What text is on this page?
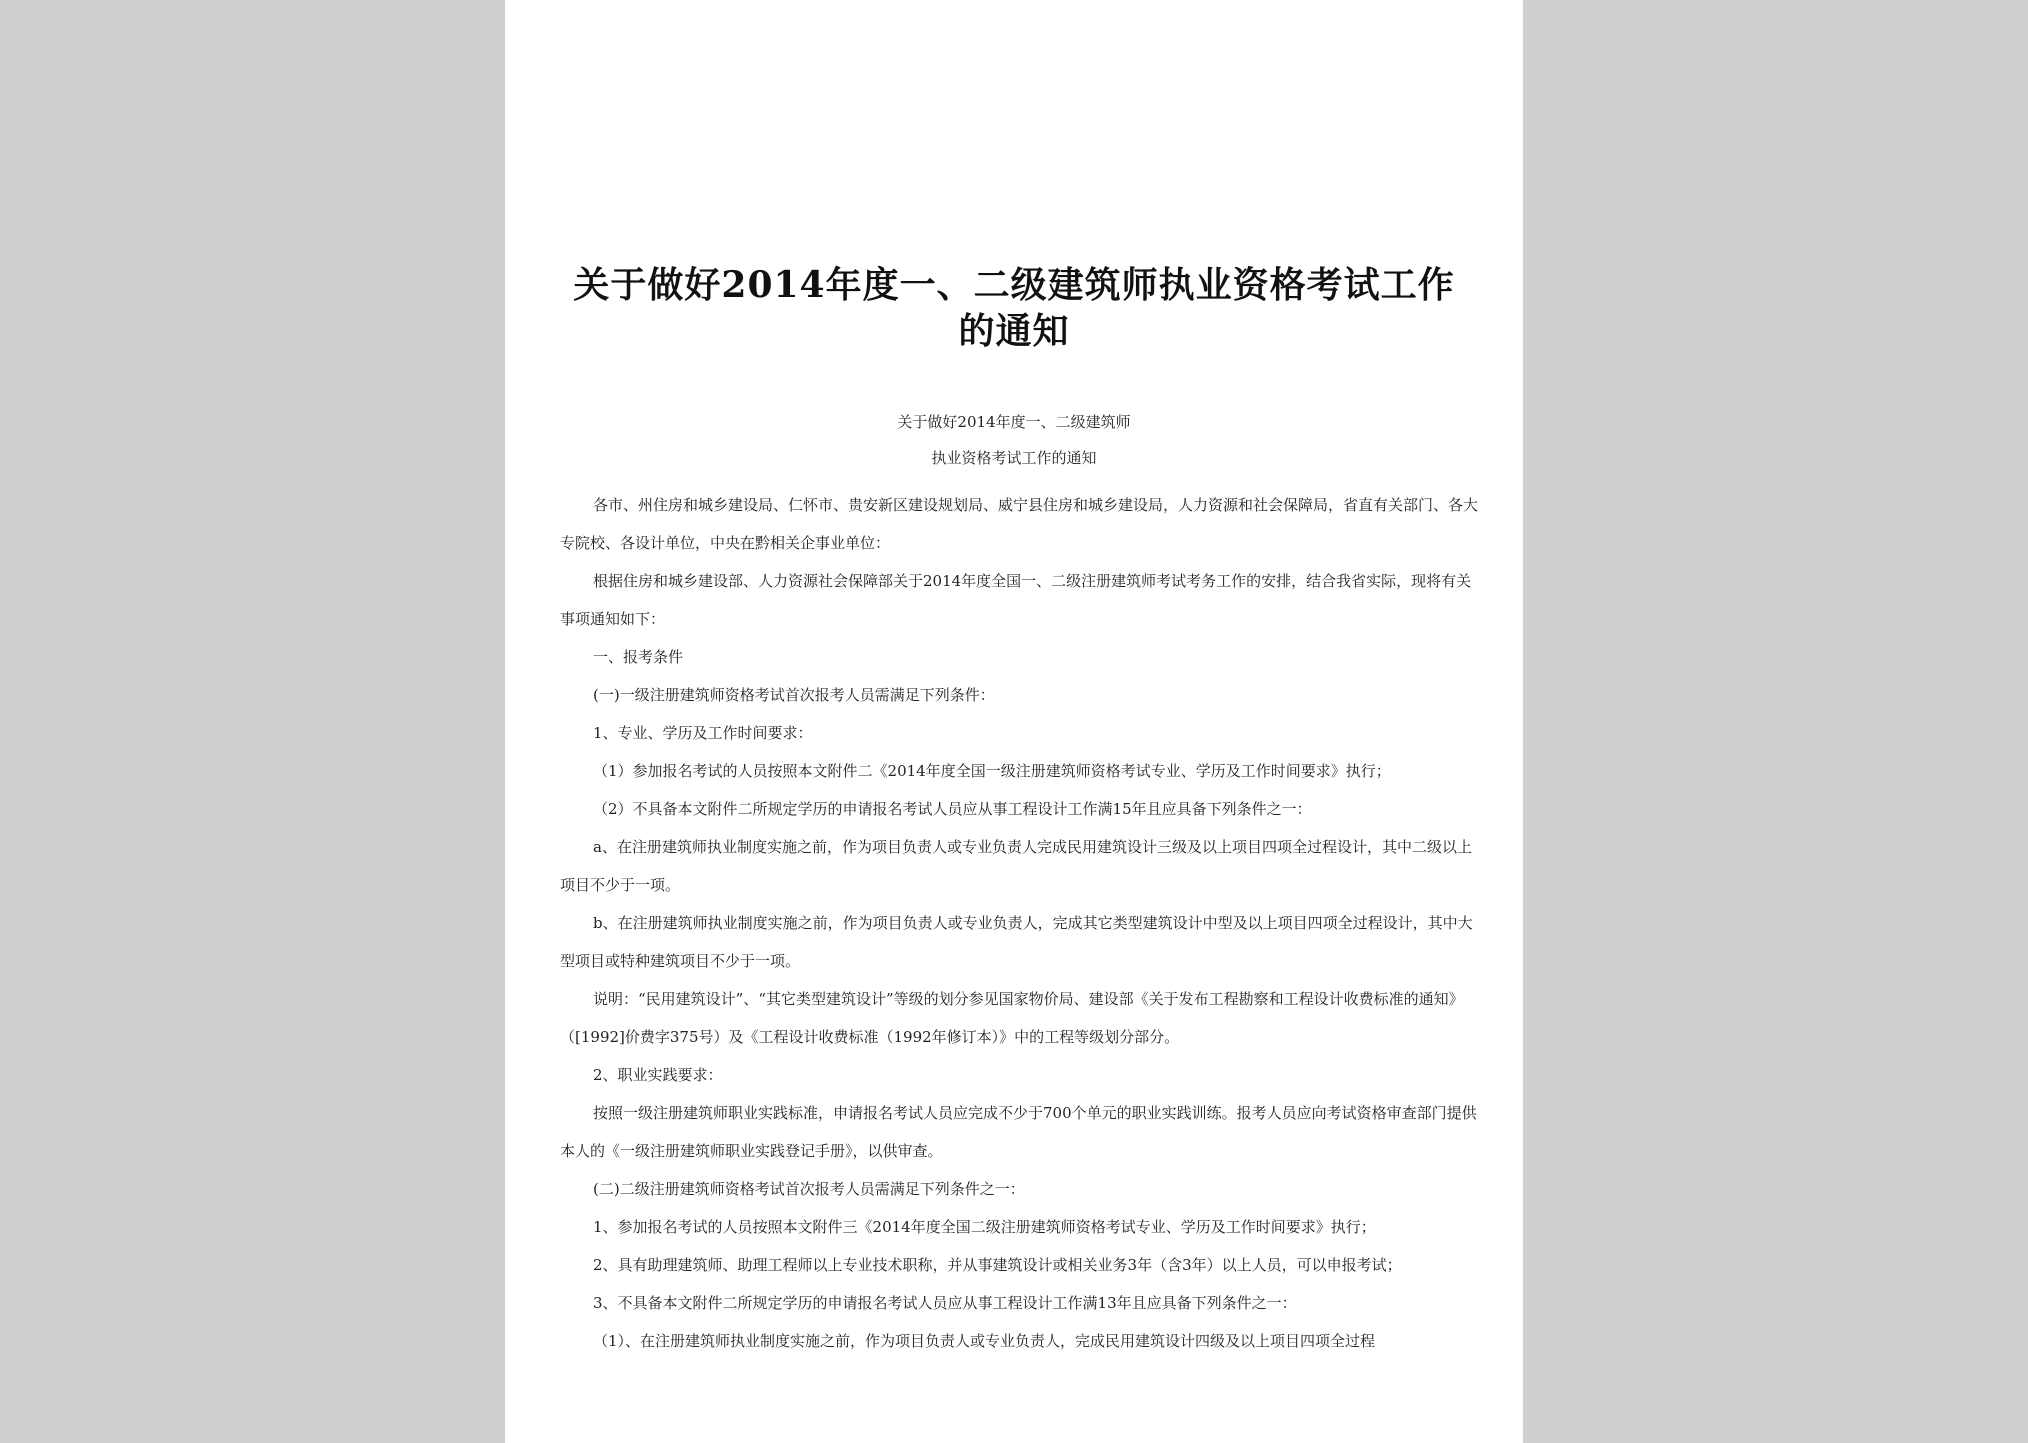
关于做好2014年度一、二级建筑师执业资格考试工作的通知
关于做好2014年度一、二级建筑师
执业资格考试工作的通知

各市、州住房和城乡建设局、仁怀市、贵安新区建设规划局、威宁县住房和城乡建设局，人力资源和社会保障局，省直有关部门、各大专院校、各设计单位，中央在黔相关企事业单位：

根据住房和城乡建设部、人力资源社会保障部关于2014年度全国一、二级注册建筑师考试考务工作的安排，结合我省实际，现将有关事项通知如下：

一、报考条件

(一)一级注册建筑师资格考试首次报考人员需满足下列条件：

1、专业、学历及工作时间要求：

（1）参加报名考试的人员按照本文附件二《2014年度全国一级注册建筑师资格考试专业、学历及工作时间要求》执行；

（2）不具备本文附件二所规定学历的申请报名考试人员应从事工程设计工作满15年且应具备下列条件之一：

a、在注册建筑师执业制度实施之前，作为项目负责人或专业负责人完成民用建筑设计三级及以上项目四项全过程设计，其中二级以上项目不少于一项。

b、在注册建筑师执业制度实施之前，作为项目负责人或专业负责人，完成其它类型建筑设计中型及以上项目四项全过程设计，其中大型项目或特种建筑项目不少于一项。

说明：“民用建筑设计”、“其它类型建筑设计”等级的划分参见国家物价局、建设部《关于发布工程勘察和工程设计收费标准的通知》（[1992]价费字375号）及《工程设计收费标准（1992年修订本）》中的工程等级划分部分。

2、职业实践要求：

按照一级注册建筑师职业实践标准，申请报名考试人员应完成不少于700个单元的职业实践训练。报考人员应向考试资格审查部门提供本人的《一级注册建筑师职业实践登记手册》，以供审查。

(二)二级注册建筑师资格考试首次报考人员需满足下列条件之一：

1、参加报名考试的人员按照本文附件三《2014年度全国二级注册建筑师资格考试专业、学历及工作时间要求》执行；

2、具有助理建筑师、助理工程师以上专业技术职称，并从事建筑设计或相关业务3年（含3年）以上人员，可以申报考试；

3、不具备本文附件二所规定学历的申请报名考试人员应从事工程设计工作满13年且应具备下列条件之一：

（1）、在注册建筑师执业制度实施之前，作为项目负责人或专业负责人，完成民用建筑设计四级及以上项目四项全过程
